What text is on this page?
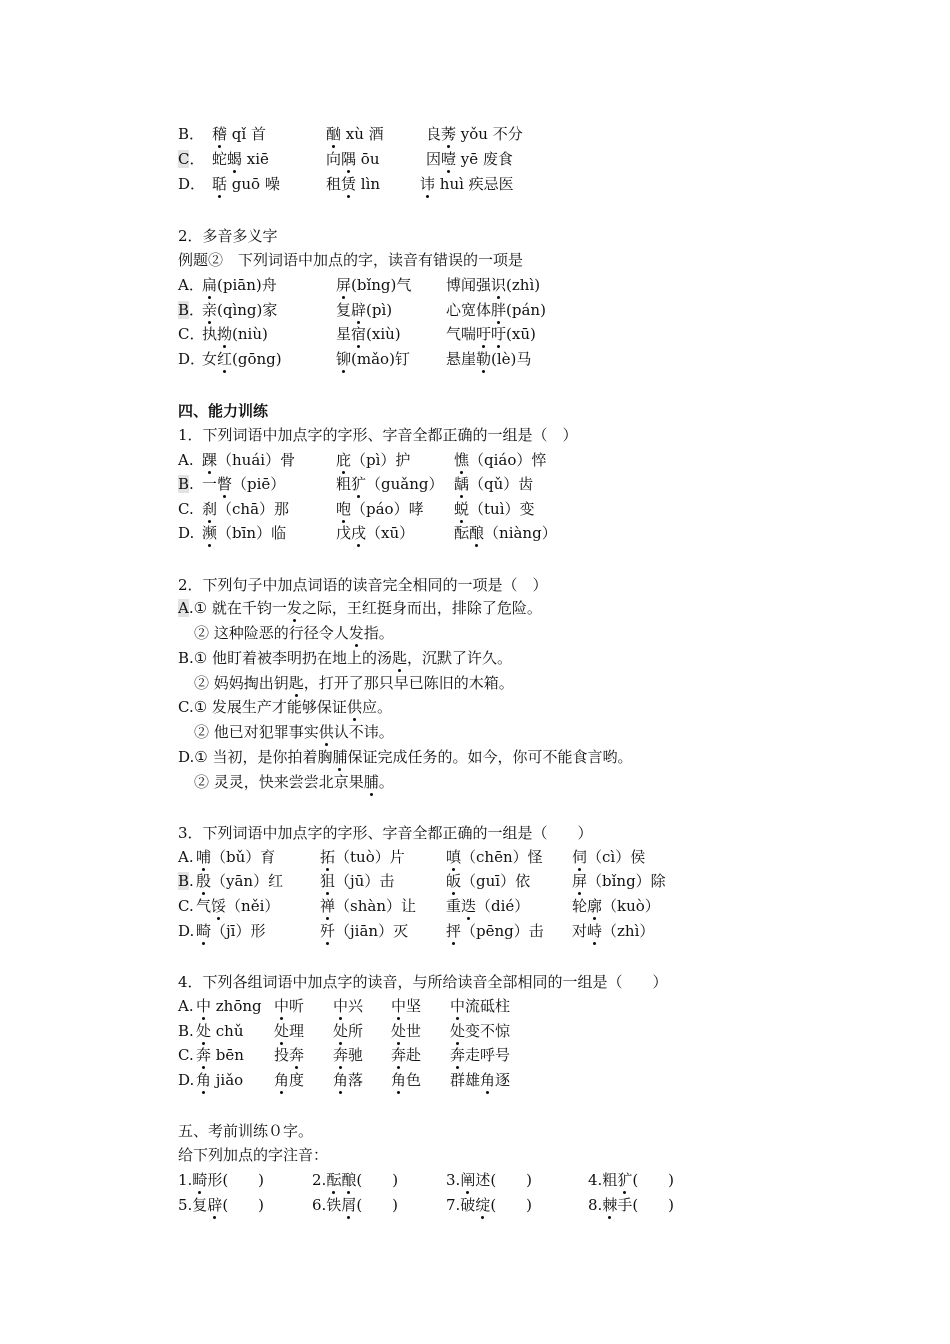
B． 稽 qǐ 首	酗 xù 酒	良莠 yǒu 不分
C． 蛇蝎 xiē	向隅 ōu	因噎 yē 废食
D． 聒 guō 噪	租赁 lìn	讳 huì 疾忌医
2．多音多义字
例题②　下列词语中加点的字，读音有错误的一项是
A．
扁(piān)舟	屏(bǐng)气 博闻强识(zhì)
B．
亲(qìng)家	复辟(pì)	心宽体胖(pán)
C．
执拗(niù)	星宿(xiù)	气喘吁吁(xū)
D．
女红(gōng)	铆(mǎo)钉 悬崖勒(lè)马
四、能力训练
1．下列词语中加点字的字形、字音全都正确的一组是（　）
A. 踝（huái）骨	庇（pì）护	憔（qiáo）悴
B. 一瞥（piē）	粗犷（guǎng） 龋（qǔ）齿
C. 刹（chā）那	咆（páo）哮 蜕（tuì）变
D. 濒（bīn）临	戊戌（xū）	酝酿（niàng）
2．下列句子中加点词语的读音完全相同的一项是（　）
A.① 就在千钧一发之际，王红挺身而出，排除了危险。
② 这种险恶的行径令人发指。
B.① 他盯着被李明扔在地上的汤匙，沉默了许久。
② 妈妈掏出钥匙，打开了那只早已陈旧的木箱。
C.① 发展生产才能够保证供应。
② 他已对犯罪事实供认不讳。
D.① 当初，是你拍着胸脯保证完成任务的。如今，你可不能食言哟。
② 灵灵，快来尝尝北京果脯。
3．下列词语中加点字的字形、字音全都正确的一组是（　　）
A. 哺（bǔ）育	拓（tuò）片	嗔（chēn）怪 伺（cì）侯
B. 殷（yān）红 狙（jū）击	皈（guī）依	屏（bǐng）除
C. 气馁（něi）	禅（shàn）让 重迭（dié）	轮廓（kuò）
D. 畸（jī）形	歼（jiān）灭	抨（pēng）击 对峙（zhì）
4．下列各组词语中加点字的读音，与所给读音全部相同的一组是（　　）
A. 中 zhōng 中听 中兴 中坚 中流砥柱
B. 处 chǔ 处理 处所 处世 处变不惊
C. 奔 bēn 投奔 奔驰 奔赴 奔走呼号
D. 角 jiǎo 角度 角落 角色 群雄角逐
五、考前训练０字。
给下列加点的字注音：
1.畸形(　　)	2.酝酿(　　)	3.阐述(　　)	4.粗犷(　　)
5.复辟(　　)	6.铁屑(　　)	7.破绽(　　)	8.棘手(　　)
